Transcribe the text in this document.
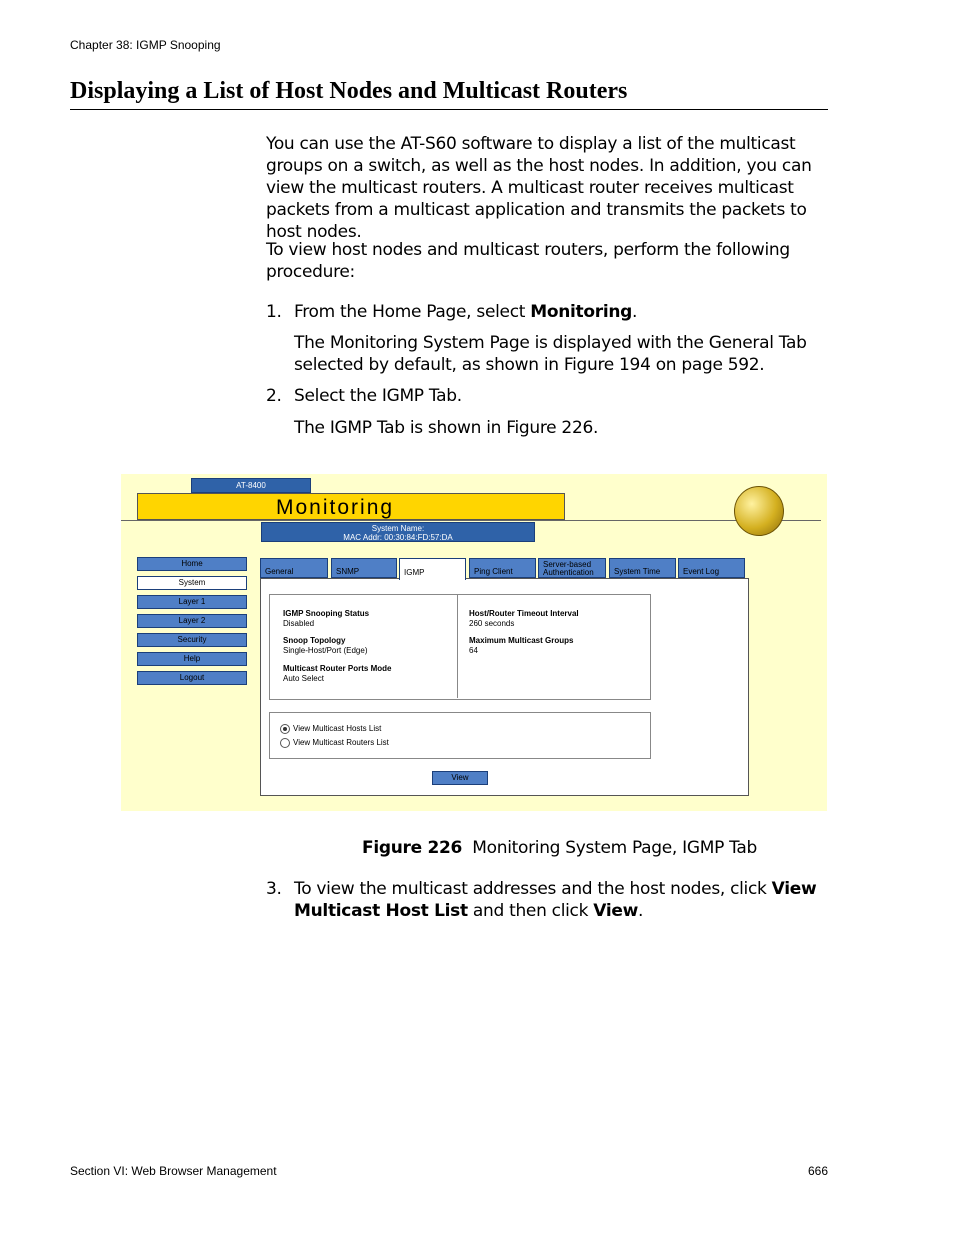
Chapter 38: IGMP Snooping
Displaying a List of Host Nodes and Multicast Routers
You can use the AT-S60 software to display a list of the multicast groups on a switch, as well as the host nodes. In addition, you can view the multicast routers. A multicast router receives multicast packets from a multicast application and transmits the packets to host nodes.
To view host nodes and multicast routers, perform the following procedure:
1. From the Home Page, select Monitoring.
The Monitoring System Page is displayed with the General Tab selected by default, as shown in Figure 194 on page 592.
2. Select the IGMP Tab.
The IGMP Tab is shown in Figure 226.
AT-8400
Monitoring
System Name:
MAC Addr: 00:30:84:FD:57:DA
Home
System
Layer 1
Layer 2
Security
Help
Logout
General	SNMP	IGMP	Ping Client
Server-based Authentication	System Time	Event Log
IGMP Snooping Status
Disabled
Snoop Topology
Single-Host/Port (Edge)
Multicast Router Ports Mode
Auto Select
Host/Router Timeout Interval
260 seconds
Maximum Multicast Groups
64
View Multicast Hosts List
View Multicast Routers List
View
Figure 226 Monitoring System Page, IGMP Tab
3. To view the multicast addresses and the host nodes, click View Multicast Host List and then click View.
Section VI: Web Browser Management	666
